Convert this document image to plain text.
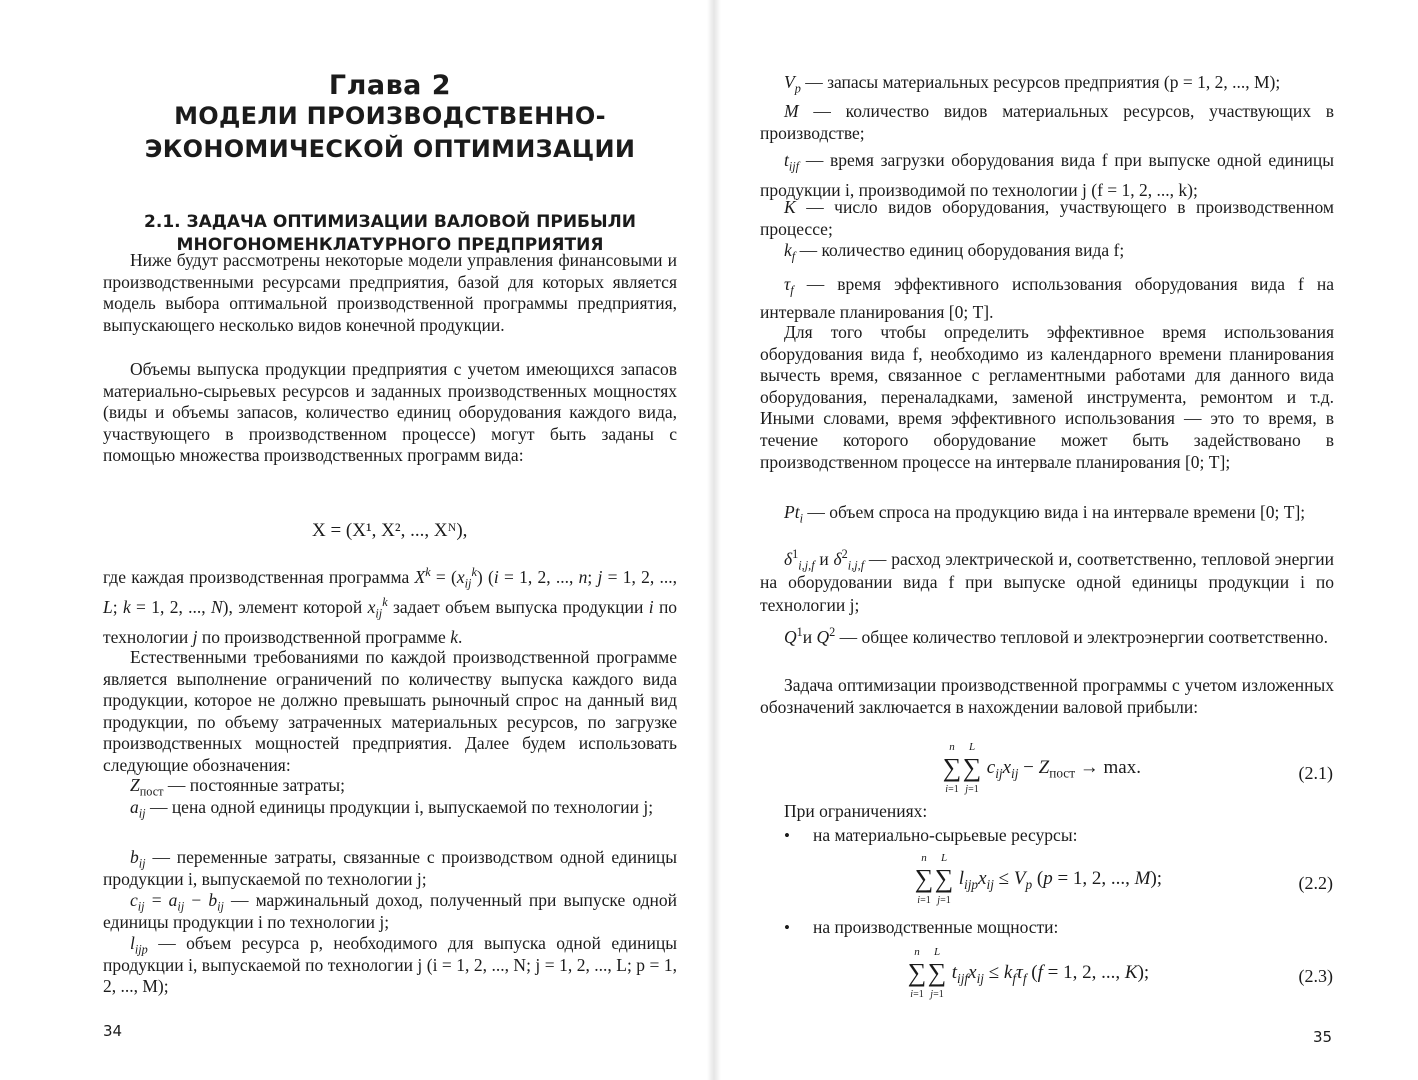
Глава 2
МОДЕЛИ ПРОИЗВОДСТВЕННО-
ЭКОНОМИЧЕСКОЙ ОПТИМИЗАЦИИ
2.1. ЗАДАЧА ОПТИМИЗАЦИИ ВАЛОВОЙ ПРИБЫЛИ
МНОГОНОМЕНКЛАТУРНОГО ПРЕДПРИЯТИЯ

Ниже будут рассмотрены некоторые модели управления финансовыми и производственными ресурсами предприятия, базой для которых является модель выбора оптимальной производственной программы предприятия, выпускающего несколько видов конечной продукции.

Объемы выпуска продукции предприятия с учетом имеющихся запасов материально-сырьевых ресурсов и заданных производственных мощностях (виды и объемы запасов, количество единиц оборудования каждого вида, участвующего в производственном процессе) могут быть заданы с помощью множества производственных программ вида:

X = (X¹, X², ..., Xᴺ),

где каждая производственная программа $X^k = (x_{ij}^k) (i = 1$, 2, ..., n; j = 1, 2, ..., L; k = 1, 2, ..., N), элемент которой $x_{ij}^k$ задает объем выпуска продукции i по технологии j по производственной программе k.

Естественными требованиями по каждой производственной программе является выполнение ограничений по количеству выпуска каждого вида продукции, которое не должно превышать рыночный спрос на данный вид продукции, по объему затраченных материальных ресурсов, по загрузке производственных мощностей предприятия. Далее будем использовать следующие обозначения:

$Z_{пост}$ — постоянные затраты;

$a_{ij}$ — цена одной единицы продукции i, выпускаемой по технологии j;

$b_{ij}$ — переменные затраты, связанные с производством одной единицы продукции i, выпускаемой по технологии j;

$c_{ij} = a_{ij} - b_{ij}$ — маржинальный доход, полученный при выпуске одной единицы продукции i по технологии j;

$l_{ijp}$ — объем ресурса p, необходимого для выпуска одной единицы продукции i, выпускаемой по технологии j (i = 1, 2, ..., N; j = 1, 2, ..., L; p = 1, 2, ..., M);

34

$V_p$ — запасы материальных ресурсов предприятия (p = 1, 2, ..., M);

M — количество видов материальных ресурсов, участвующих в производстве;

$t_{ijf}$ — время загрузки оборудования вида f при выпуске одной единицы продукции i, производимой по технологии j (f = 1, 2, ..., k);

K — число видов оборудования, участвующего в производственном процессе;

$k_f$ — количество единиц оборудования вида f;

$\tau_f$ — время эффективного использования оборудования вида f на интервале планирования [0; T].

Для того чтобы определить эффективное время использования оборудования вида f, необходимо из календарного времени планирования вычесть время, связанное с регламентными работами для данного вида оборудования, переналадками, заменой инструмента, ремонтом и т.д. Иными словами, время эффективного использования — это то время, в течение которого оборудование может быть задействовано в производственном процессе на интервале планирования [0; T];

$Pt_i$ — объем спроса на продукцию вида i на интервале времени [0; T];

$\delta^1_{i,j,f}$ и $\delta^2_{i,j,f}$ — расход электрической и, соответственно, тепловой энергии на оборудовании вида f при выпуске одной единицы продукции i по технологии j;

$Q^1и$ $Q^2$ — общее количество тепловой и электроэнергии соответственно.

Задача оптимизации производственной программы с учетом изложенных обозначений заключается в нахождении валовой прибыли:

n
∑
i=1
L
∑
j=1
$c_{ij}x_{ij} - Z_{пост} \to \max$.	(2.1)

При ограничениях:

• на материально-сырьевые ресурсы:

n
∑
i=1
L
∑
j=1
$l_{ijp}x_{ij} \le V_p$ (p = 1, 2, ..., M);	(2.2)
• на производственные мощности:

n
∑
i=1
L
∑
j=1
$t_{ijf}x_{ij} \le k_f\tau_f$ (f = 1, 2, ..., K);	(2.3)
35
